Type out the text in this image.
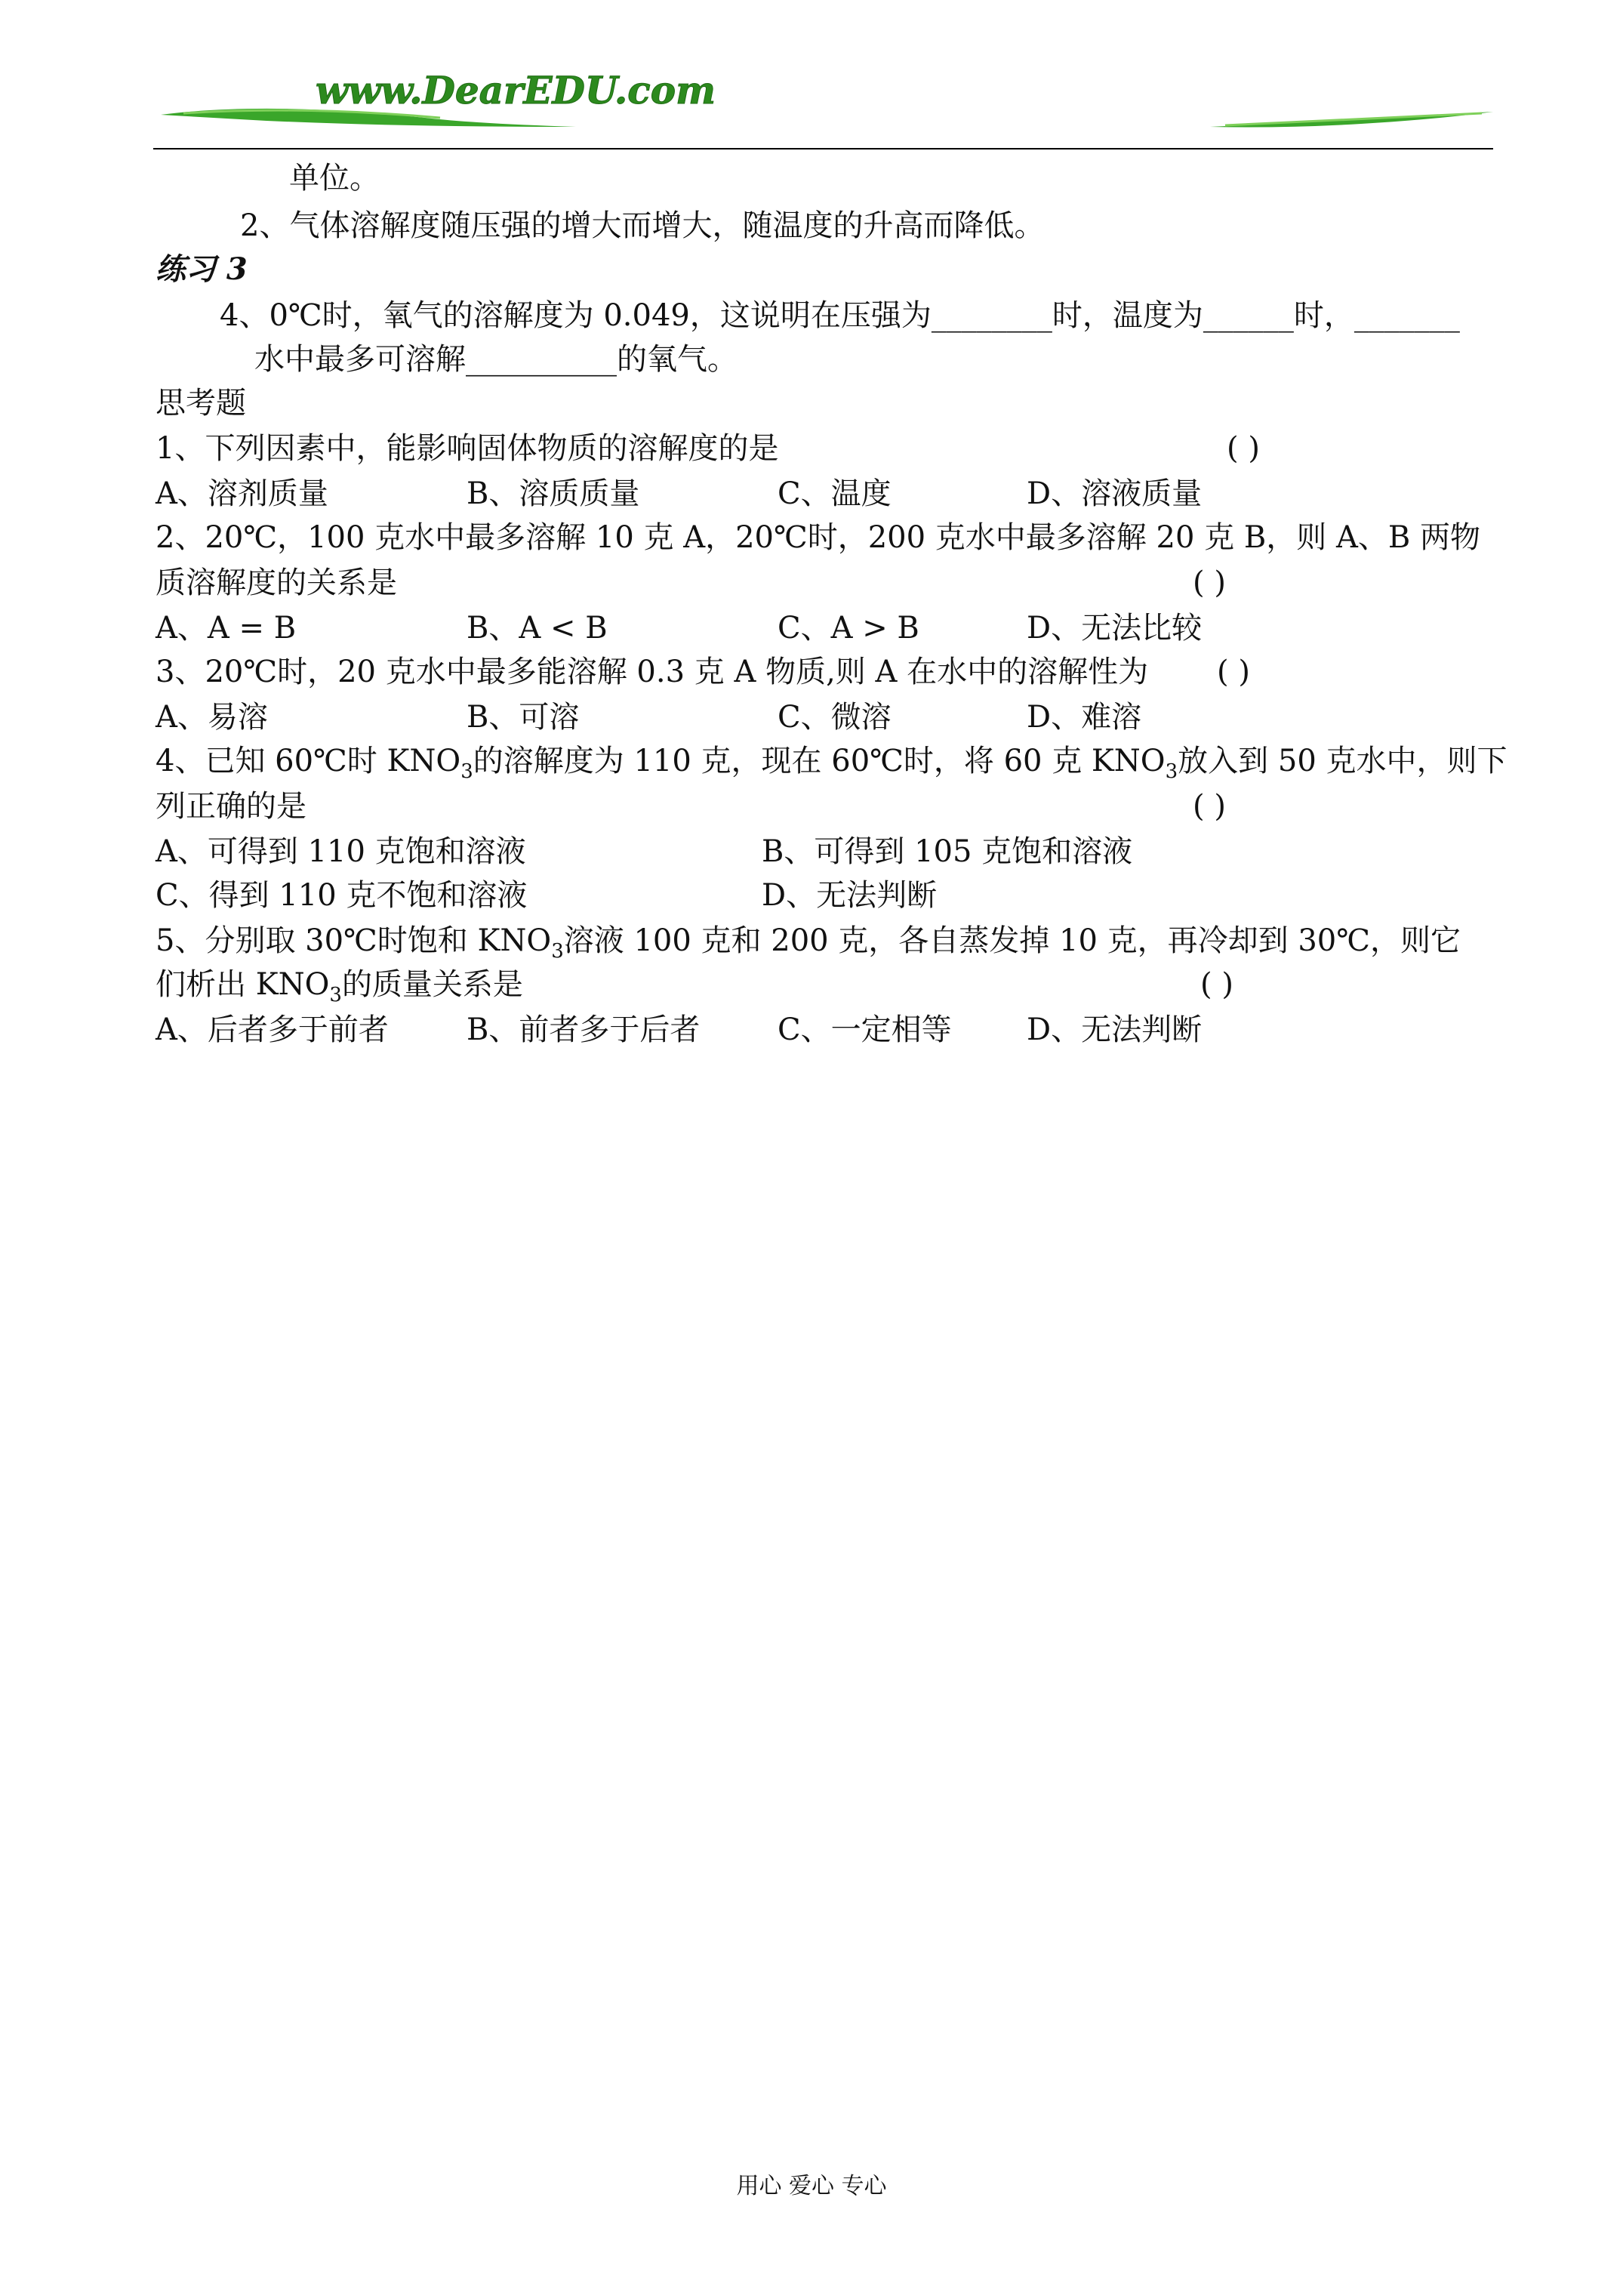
www.DearEDU.com
单位。
2、气体溶解度随压强的增大而增大，随温度的升高而降低。
练习 3
4、0℃时，氧气的溶解度为 0.049，这说明在压强为________时，温度为______时，_______
水中最多可溶解__________的氧气。
思考题
1、下列因素中，能影响固体物质的溶解度的是	( )
A、溶剂质量	B、溶质质量	C、温度	D、溶液质量
2、20℃，100 克水中最多溶解 10 克 A，20℃时，200 克水中最多溶解 20 克 B，则 A、B 两物
质溶解度的关系是	( )
A、A = B	B、A < B	C、A > B	D、无法比较
3、20℃时，20 克水中最多能溶解 0.3 克 A 物质,则 A 在水中的溶解性为 ( )
A、易溶	B、可溶	C、微溶	D、难溶
4、已知 60℃时 $KNO_3$的溶解度为 110 克，现在 60℃时，将 60 克 $KNO_3$放入到 50 克水中，则下
列正确的是	( )
A、可得到 110 克饱和溶液	B、可得到 105 克饱和溶液
C、得到 110 克不饱和溶液	D、无法判断
5、分别取 30℃时饱和 $KNO_3$溶液 100 克和 200 克，各自蒸发掉 10 克，再冷却到 30℃，则它
们析出 $KNO_3$的质量关系是	( )
A、后者多于前者	B、前者多于后者	C、一定相等 D、无法判断
用心 爱心 专心
